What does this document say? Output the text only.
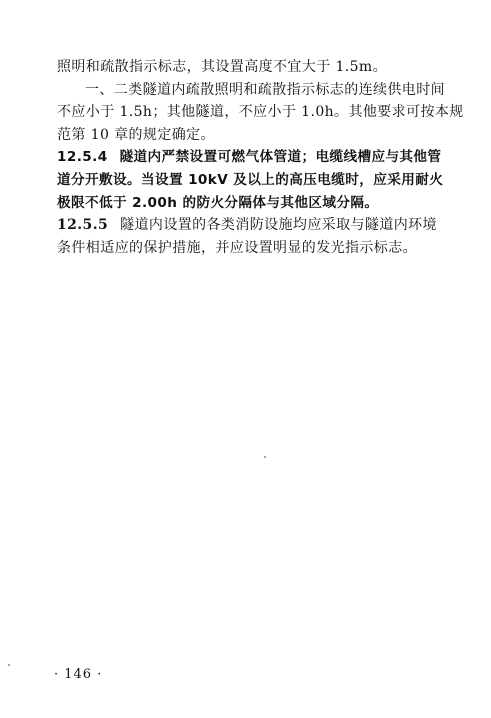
照明和疏散指示标志，其设置高度不宜大于 1.5m。
一、二类隧道内疏散照明和疏散指示标志的连续供电时间
不应小于 1.5h；其他隧道，不应小于 1.0h。其他要求可按本规
范第 10 章的规定确定。
12.5.4 隧道内严禁设置可燃气体管道；电缆线槽应与其他管
道分开敷设。当设置 10kV 及以上的高压电缆时，应采用耐火
极限不低于 2.00h 的防火分隔体与其他区域分隔。
12.5.5 隧道内设置的各类消防设施均应采取与隧道内环境
条件相适应的保护措施，并应设置明显的发光指示标志。
· 146 ·
